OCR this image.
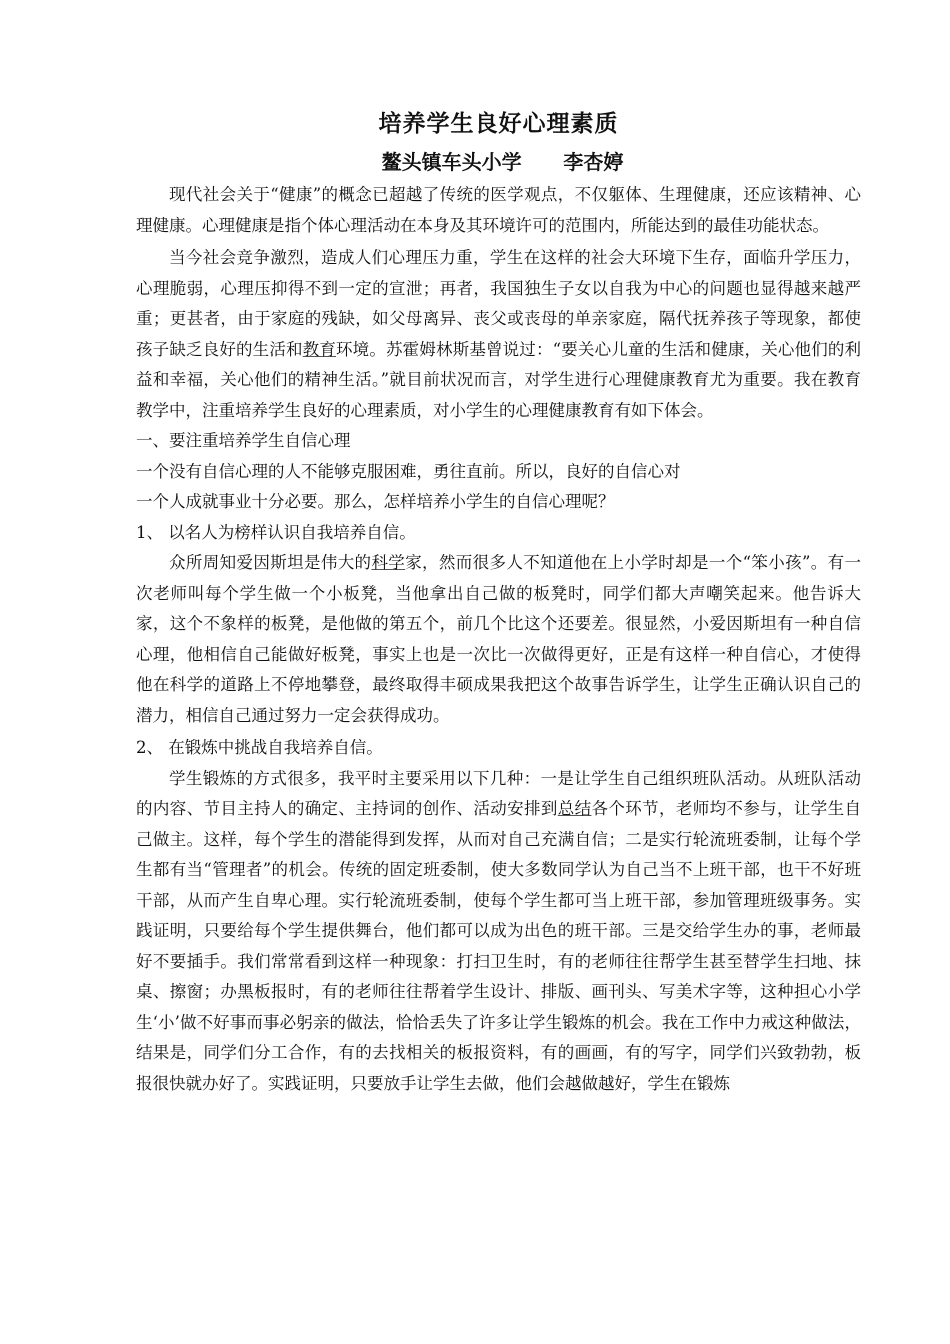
培养学生良好心理素质
鳌头镇车头小学      李杏婷

现代社会关于“健康”的概念已超越了传统的医学观点，不仅躯体、生理健康，还应该精神、心理健康。心理健康是指个体心理活动在本身及其环境许可的范围内，所能达到的最佳功能状态。

当今社会竞争激烈，造成人们心理压力重，学生在这样的社会大环境下生存，面临升学压力，心理脆弱，心理压抑得不到一定的宣泄；再者，我国独生子女以自我为中心的问题也显得越来越严重；更甚者，由于家庭的残缺，如父母离异、丧父或丧母的单亲家庭，隔代抚养孩子等现象，都使孩子缺乏良好的生活和教育环境。苏霍姆林斯基曾说过：“要关心儿童的生活和健康，关心他们的利益和幸福，关心他们的精神生活。”就目前状况而言，对学生进行心理健康教育尤为重要。我在教育教学中，注重培养学生良好的心理素质，对小学生的心理健康教育有如下体会。

一、要注重培养学生自信心理

一个没有自信心理的人不能够克服困难，勇往直前。所以，良好的自信心对

一个人成就事业十分必要。那么，怎样培养小学生的自信心理呢？

1、 以名人为榜样认识自我培养自信。

众所周知爱因斯坦是伟大的科学家，然而很多人不知道他在上小学时却是一个“笨小孩”。有一次老师叫每个学生做一个小板凳，当他拿出自己做的板凳时，同学们都大声嘲笑起来。他告诉大家，这个不象样的板凳，是他做的第五个，前几个比这个还要差。很显然，小爱因斯坦有一种自信心理，他相信自己能做好板凳，事实上也是一次比一次做得更好，正是有这样一种自信心，才使得他在科学的道路上不停地攀登，最终取得丰硕成果我把这个故事告诉学生，让学生正确认识自己的潜力，相信自己通过努力一定会获得成功。

2、 在锻炼中挑战自我培养自信。

学生锻炼的方式很多，我平时主要采用以下几种：一是让学生自己组织班队活动。从班队活动的内容、节目主持人的确定、主持词的创作、活动安排到总结各个环节，老师均不参与，让学生自己做主。这样，每个学生的潜能得到发挥，从而对自己充满自信；二是实行轮流班委制，让每个学生都有当“管理者”的机会。传统的固定班委制，使大多数同学认为自己当不上班干部，也干不好班干部，从而产生自卑心理。实行轮流班委制，使每个学生都可当上班干部，参加管理班级事务。实践证明，只要给每个学生提供舞台，他们都可以成为出色的班干部。三是交给学生办的事，老师最好不要插手。我们常常看到这样一种现象：打扫卫生时，有的老师往往帮学生甚至替学生扫地、抹桌、擦窗；办黑板报时，有的老师往往帮着学生设计、排版、画刊头、写美术字等，这种担心小学生‘小’做不好事而事必躬亲的做法，恰恰丢失了许多让学生锻炼的机会。我在工作中力戒这种做法，结果是，同学们分工合作，有的去找相关的板报资料，有的画画，有的写字，同学们兴致勃勃，板报很快就办好了。实践证明，只要放手让学生去做，他们会越做越好，学生在锻炼
